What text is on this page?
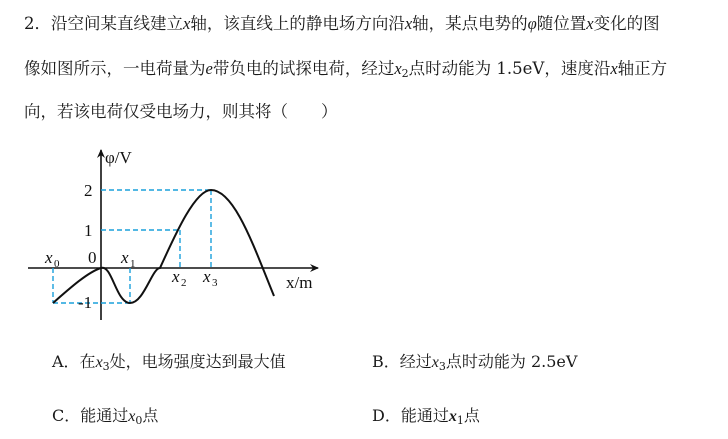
2．沿空间某直线建立x轴，该直线上的静电场方向沿x轴，某点电势的φ随位置x变化的图
像如图所示，一电荷量为e带负电的试探电荷，经过$x_2$点时动能为 1.5eV，速度沿x轴正方
向，若该电荷仅受电场力，则其将（　　）
φ/V
x/m
0
2
1
-1
x 0	x 1
x 2 x 3
A．在$x_3$处，电场强度达到最大值	B．经过$x_3$点时动能为 2.5eV
C．能通过$x_0$点	D．能通过$x_1$点
